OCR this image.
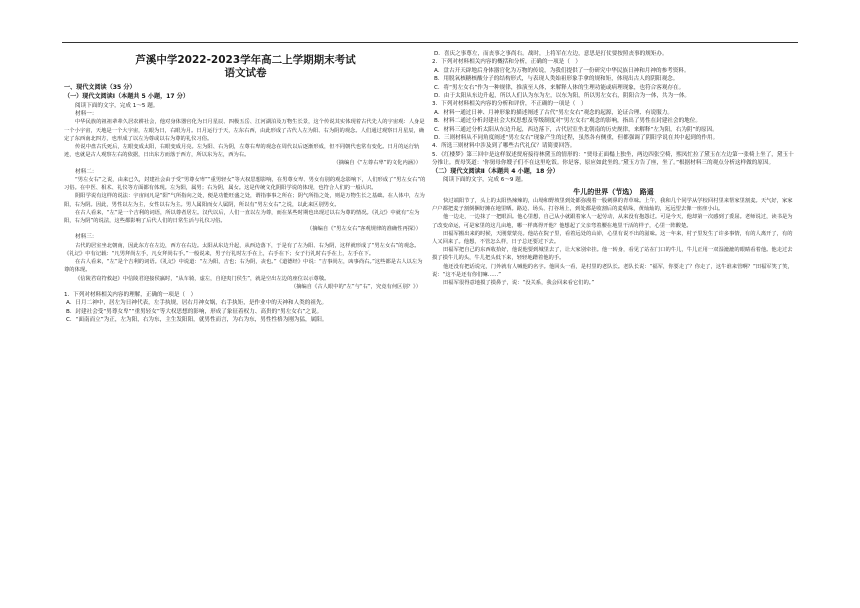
芦溪中学2022-2023学年高二上学期期末考试

语文试卷

一、现代文阅读（35 分）

（一）现代文阅读Ⅰ（本题共 5 小题，17 分）

阅读下面的文字，完成 1～5 题。

材料一：

中华民族的祖祖辈辈久居农耕社会，他对身体器官化为日月星辰、四极五岳、江河湖泊及万物生长景，这个传说其实体现着古代先人的宇宙观：人身是一个小宇宙，天地是一个大宇宙，左眼为日，右眼为月。日月运行于天，左东右西，由此形成了古代人左为阳、右为阴的观念。人们通过观察日月星辰，确定了东西南北四方，也形成了以左为尊或以右为尊的礼仪习俗。

传说中盘古氏死后，左眼变成太阳，右眼变成月亮。左为阳、右为阴，左尊右卑的观念在周代以后逐渐形成，但不同朝代也常有变化。日月的运行轨迹，也就是古人观察左右的依据，日出东方而落于西方，所以东为左，西为右。

（摘编自《“左尊右卑”的文化内涵》）

材料二：

“男左女右”之说，由来已久，封建社会由于受“男尊女卑”“重男轻女”等大权思想影响，在男尊女卑、男女有别的观念影响下，人们形成了“男左女右”的习俗。在中医、相术、礼仪等方面都有体现。左为阳，属男；右为阴，属女。这是传统文化阴阳学说的体现，也符合人们的一般认识。

阴阳学说有这样的说法：宇宙间凡是“阳”气所指向之处，便是功能旺盛之处，谓指事事之所在；阴气所指之处，则是万物生长之基础。在人体中，左为阳，右为阴。因此，男性以左为主，女性以右为主。男人属阳而女人属阴，所以有“男左女右”之说，以此来区别男女。

在古人看来，“左”是一个吉利的词语，所以尊者居左。汉代以后，人们一直以左为尊，而在某些时期也出现过以右为尊的情况。《礼记》中就有“左为阳，右为阴”的说法，这些都影响了后代人们的日常生活与礼仪习俗。

（摘编自《“男左女右”客观规律的准确性再探》）

材料三：

古代的居室坐北朝南，因此东方在左边，西方在右边。太阳从东边升起，从西边落下，于是有了左为阳、右为阴，这样就形成了“男左女右”的观念。《礼记》中有记载：“凡男拜尚左手，凡女拜尚右手。”一般说来，男子行礼时左手在上，右手在下；女子行礼时右手在上，左手在下。

在古人看来，“左”是个吉利的词语。《礼记》中说道：“左为阳，吉也；右为阴，丧也。”《道德经》中说：“吉事尚左，凶事尚右。”这些都是古人以左为尊的体现。

《信陵君窃符救赵》中信陵君迎接侯嬴时，“从车骑，虚左，自迎夷门侯生”，就是空出左边的座位以示尊敬。

（摘编自《古人眼中的“左”与“右”，究竟有何区别？》）

1．下列对材料相关内容的理解，正确的一项是（　）

A．日月二神中，居左为日神代表，左手执规，居右月神女娲，右手执矩，是作业中的天神和人类的祖先。

B．封建社会受“男尊女卑”“重男轻女”等大权思想的影响，形成了象征着权力、高贵的“男左女右”之说。

C．“面南而立”为正，左为阳，右为东，主生发阳阳，就男性而言，为右为东，男性性格为刚为猛，属阳。

D．喜庆之事尊左，而丧事之事尚右。战时，上将军在左边，意思是打仗要按照丧事的规矩办。

2．下列对材料相关内容的概括和分析，正确的一项是（　）

A．盘古开天辟地后身体器官化为万物的传说，为我们提供了一份研究中华民族日神和月神的参考资料。

B．用脱氧核糖核酸分子的结构形式，与表现人类始祖形象手拿的规和矩，体现出古人的阴阳观念。

C．将“男左女右”作为一种规律，推演至人体，来解释人体的生理功能或病理现象，也符合客观存在。

D．由于太阳从东边升起，所以人们认为东为左，以东为阳，所以男左女右，阴阳合为一体，共为一体。

3．下列对材料相关内容的分析和评价，不正确的一项是（　）

A．材料一通过日神、月神形象的描述阐述了古代“男左女右”观念的起源，论证合理、有说服力。

B．材料二通过分析封建社会大权思想及等级制度对“男左女右”观念的影响，指出了男性在封建社会的地位。

C．材料三通过分析太阳从东边升起，西边落下，古代居室坐北朝南的历史规律，来解释“左为阳，右为阴”的原因。

D．三则材料从不同角度阐述“男左女右”现象产生的过程，虽然各有侧重，但都强调了阴阳学说在其中起到的作用。

4．所选三则材料中涉及到了哪些古代礼仪？请简要回答。

5．《红楼梦》第三回中是这样叙述贾府接待林黛玉的情形的：“贾母正面榻上独坐，两边四张空椅，熙凤忙拉了黛玉在左边第一张椅上坐了，黛玉十分推让。贾母笑道：‘你舅母你嫂子们不在这里吃饭。你是客，原应如此坐的。’黛玉方告了座，坐了。”根据材料三的观点分析这样做的原因。

（二）现代文阅读Ⅱ（本题共 4 小题，18 分）

阅读下面的文字，完成 6～9 题。

牛儿的世界（节选）　路遥

快过端阳节了，头上的太阳热辣辣的，山坳和野坡里到处都弥漫着一股刺鼻的青草味。上午，我和几个同学从学校回村里来帮家里割麦。天气好，家家户户都把麦子割倒捆好摊在地里晒。路边、场头、打谷场上，到处都是收割后的麦秸垛，黄灿灿的，远远望去像一座座小山。

他一边走，一边抹了一把眼泪。他心里想，自己从小就跟着家人一起劳动，从来没有抱怨过。可是今天，他却第一次感到了委屈。老师说过，读书是为了改变命运，可是家里的这几亩地，哪一样离得开他？他想起了父亲弯着腰在地里干活的样子，心里一阵酸楚。

田福军搬出来的时候，天刚蒙蒙亮。他站在院子里，看着远处的山峁，心里有说不出的滋味。这一年来，村子里发生了许多事情，有的人离开了，有的人又回来了。他想，不管怎么样，日子总还要过下去。

田福军把自己的东西收拾好，他说他要到城里去了，让大家别牵挂。他一转身，看见了站在门口的牛儿，牛儿正用一双湿漉漉的眼睛看着他。他走过去摸了摸牛儿的头，牛儿把头低下来，轻轻地蹭着他的手。

他还没有把话说完，门外就有人喊他的名字。他回头一看，是村里的老队长。老队长说：“福军，你要走了？你走了，这牛谁来管啊？”田福军笑了笑，说：“这不是还有你们嘛……”

田福军很得意地摸了摸鼻子，说：“没关系，我会回来看它们的。”
